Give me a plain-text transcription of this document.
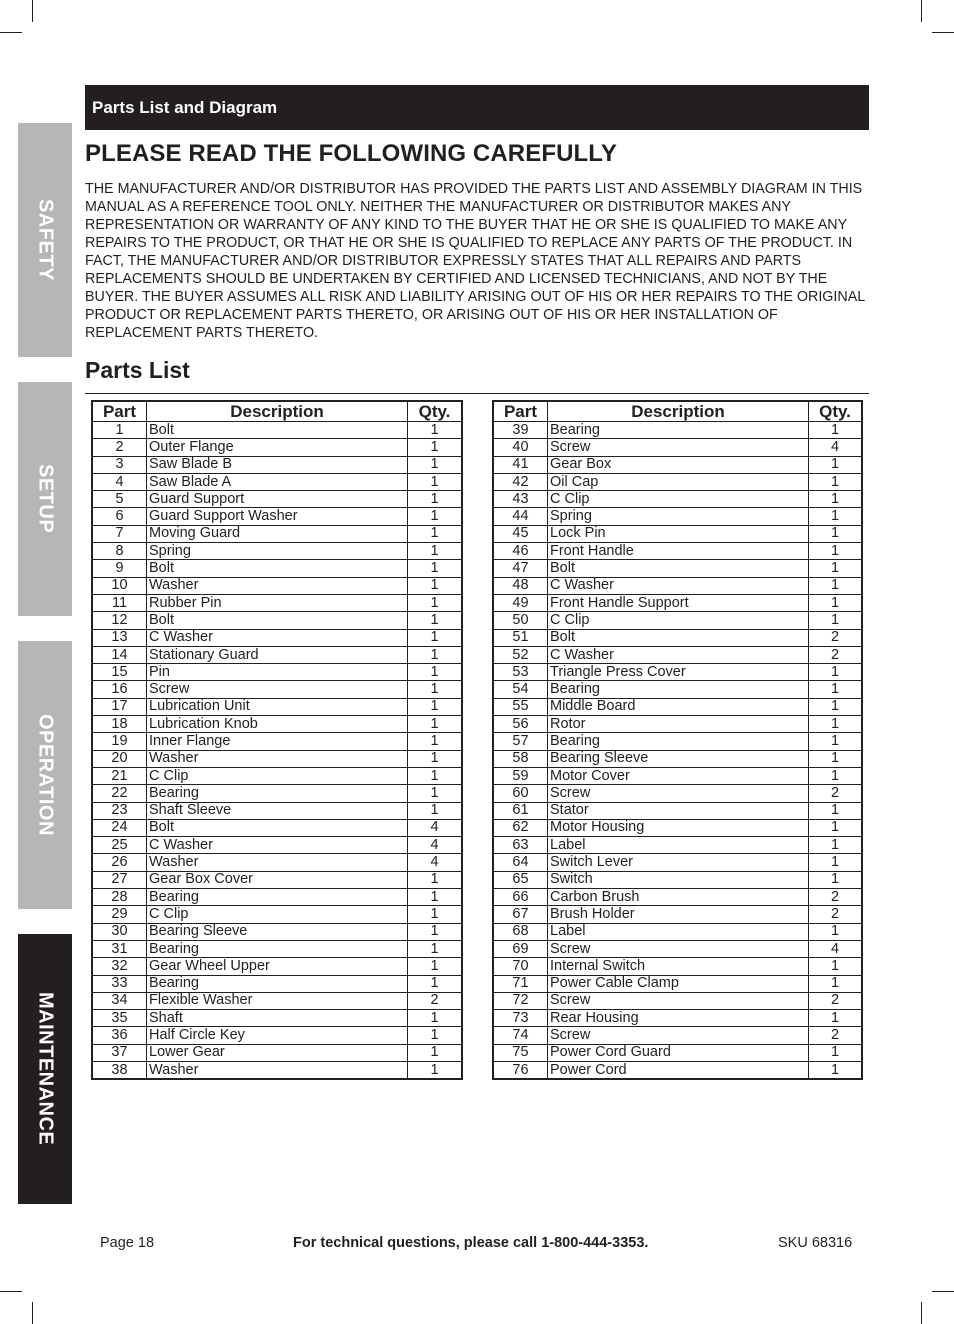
SAFETY
SETUP
OPERATION
MAINTENANCE
Parts List and Diagram
PLEASE READ THE FOLLOWING CAREFULLY
THE MANUFACTURER AND/OR DISTRIBUTOR HAS PROVIDED THE PARTS LIST AND ASSEMBLY DIAGRAM IN THIS MANUAL AS A REFERENCE TOOL ONLY. NEITHER THE MANUFACTURER OR DISTRIBUTOR MAKES ANY REPRESENTATION OR WARRANTY OF ANY KIND TO THE BUYER THAT HE OR SHE IS QUALIFIED TO MAKE ANY REPAIRS TO THE PRODUCT, OR THAT HE OR SHE IS QUALIFIED TO REPLACE ANY PARTS OF THE PRODUCT. IN FACT, THE MANUFACTURER AND/OR DISTRIBUTOR EXPRESSLY STATES THAT ALL REPAIRS AND PARTS REPLACEMENTS SHOULD BE UNDERTAKEN BY CERTIFIED AND LICENSED TECHNICIANS, AND NOT BY THE BUYER. THE BUYER ASSUMES ALL RISK AND LIABILITY ARISING OUT OF HIS OR HER REPAIRS TO THE ORIGINAL PRODUCT OR REPLACEMENT PARTS THERETO, OR ARISING OUT OF HIS OR HER INSTALLATION OF REPLACEMENT PARTS THERETO.
Parts List
Part	Description	Qty.
1	Bolt	1
2	Outer Flange	1
3	Saw Blade B	1
4	Saw Blade A	1
5	Guard Support	1
6	Guard Support Washer	1
7	Moving Guard	1
8	Spring	1
9	Bolt	1
10	Washer	1
11	Rubber Pin	1
12	Bolt	1
13	C Washer	1
14	Stationary Guard	1
15	Pin	1
16	Screw	1
17	Lubrication Unit	1
18	Lubrication Knob	1
19	Inner Flange	1
20	Washer	1
21	C Clip	1
22	Bearing	1
23	Shaft Sleeve	1
24	Bolt	4
25	C Washer	4
26	Washer	4
27	Gear Box Cover	1
28	Bearing	1
29	C Clip	1
30	Bearing Sleeve	1
31	Bearing	1
32	Gear Wheel Upper	1
33	Bearing	1
34	Flexible Washer	2
35	Shaft	1
36	Half Circle Key	1
37	Lower Gear	1
38	Washer	1
Part	Description	Qty.
39	Bearing	1
40	Screw	4
41	Gear Box	1
42	Oil Cap	1
43	C Clip	1
44	Spring	1
45	Lock Pin	1
46	Front Handle	1
47	Bolt	1
48	C Washer	1
49	Front Handle Support	1
50	C Clip	1
51	Bolt	2
52	C Washer	2
53	Triangle Press Cover	1
54	Bearing	1
55	Middle Board	1
56	Rotor	1
57	Bearing	1
58	Bearing Sleeve	1
59	Motor Cover	1
60	Screw	2
61	Stator	1
62	Motor Housing	1
63	Label	1
64	Switch Lever	1
65	Switch	1
66	Carbon Brush	2
67	Brush Holder	2
68	Label	1
69	Screw	4
70	Internal Switch	1
71	Power Cable Clamp	1
72	Screw	2
73	Rear Housing	1
74	Screw	2
75	Power Cord Guard	1
76	Power Cord	1
Page 18	For technical questions, please call 1-800-444-3353.	SKU 68316
